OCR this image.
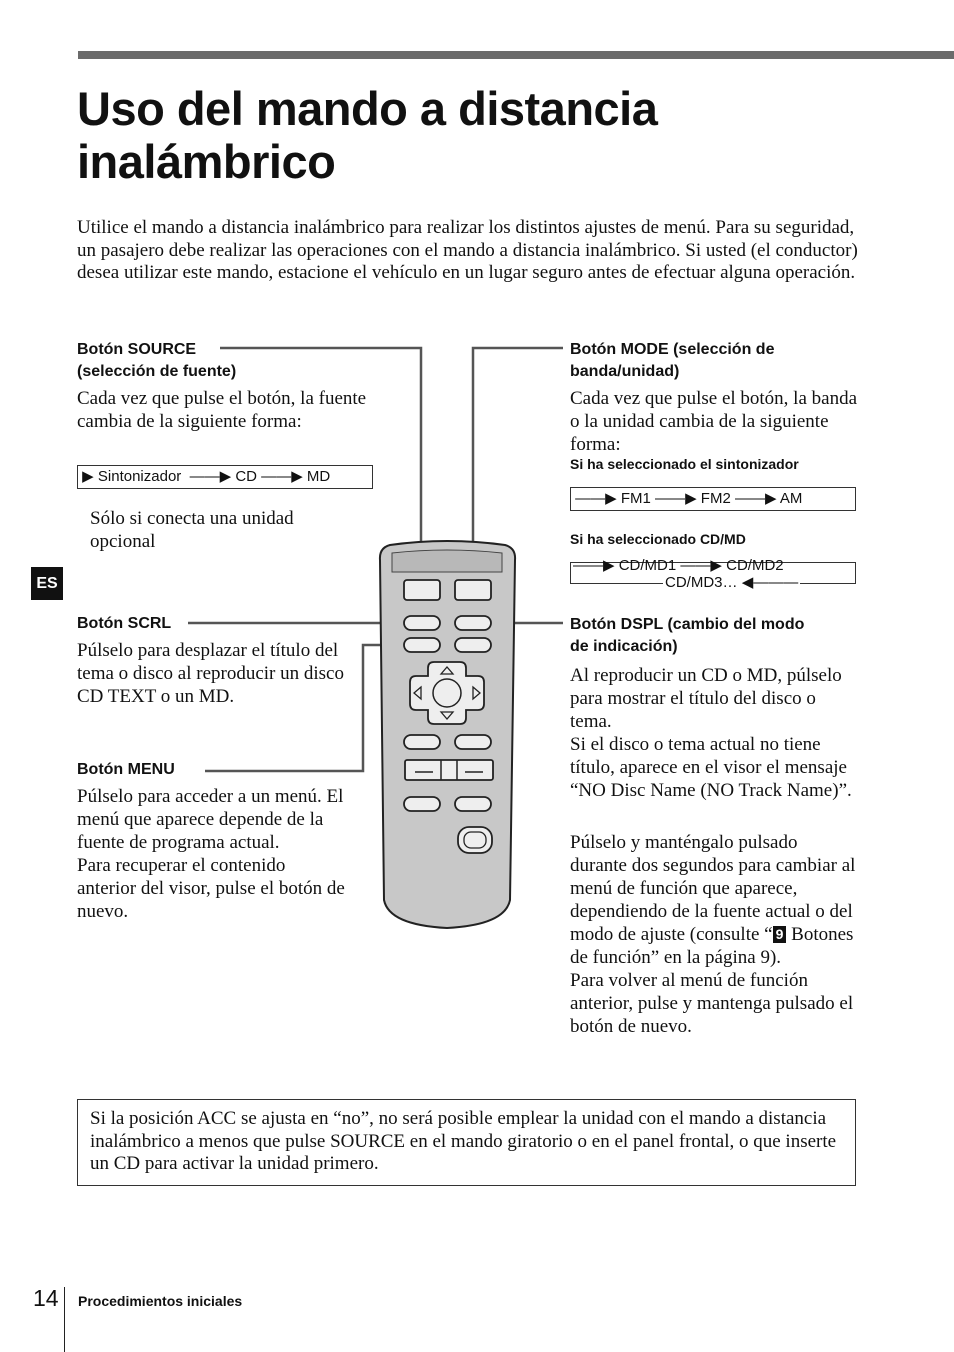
Uso del mando a distancia
inalámbrico

Utilice el mando a distancia inalámbrico para realizar los distintos ajustes de menú. Para su seguridad, un pasajero debe realizar las operaciones con el mando a distancia inalámbrico. Si usted (el conductor) desea utilizar este mando, estacione el vehículo en un lugar seguro antes de efectuar alguna operación.

Botón SOURCE
(selección de fuente)

Cada vez que pulse el botón, la fuente cambia de la siguiente forma:

▶ Sintonizador  ——▶ CD ——▶ MD

Sólo si conecta una unidad opcional

Botón MODE (selección de
banda/unidad)

Cada vez que pulse el botón, la banda o la unidad cambia de la siguiente forma:

Si ha seleccionado el sintonizador

——▶ FM1 ——▶ FM2 ——▶ AM

Si ha seleccionado CD/MD

——▶ CD/MD1 ——▶ CD/MD2
CD/MD3… ◀———
ES

Botón SCRL

Púlselo para desplazar el título del tema o disco al reproducir un disco CD TEXT o un MD.

Botón MENU

Púlselo para acceder a un menú. El menú que aparece depende de la fuente de programa actual.
Para recuperar el contenido anterior del visor, pulse el botón de nuevo.

Botón DSPL (cambio del modo
de indicación)

Al reproducir un CD o MD, púlselo para mostrar el título del disco o tema.
Si el disco o tema actual no tiene título, aparece en el visor el mensaje “NO Disc Name (NO Track Name)”.

Púlselo y manténgalo pulsado durante dos segundos para cambiar al menú de función que aparece, dependiendo de la fuente actual o del modo de ajuste (consulte “ 9 Botones de función” en la página 9).
Para volver al menú de función anterior, pulse y mantenga pulsado el botón de nuevo.

Si la posición ACC se ajusta en “no”, no será posible emplear la unidad con el mando a distancia inalámbrico a menos que pulse SOURCE en el mando giratorio o en el panel frontal, o que inserte un CD para activar la unidad primero.

14 Procedimientos iniciales
